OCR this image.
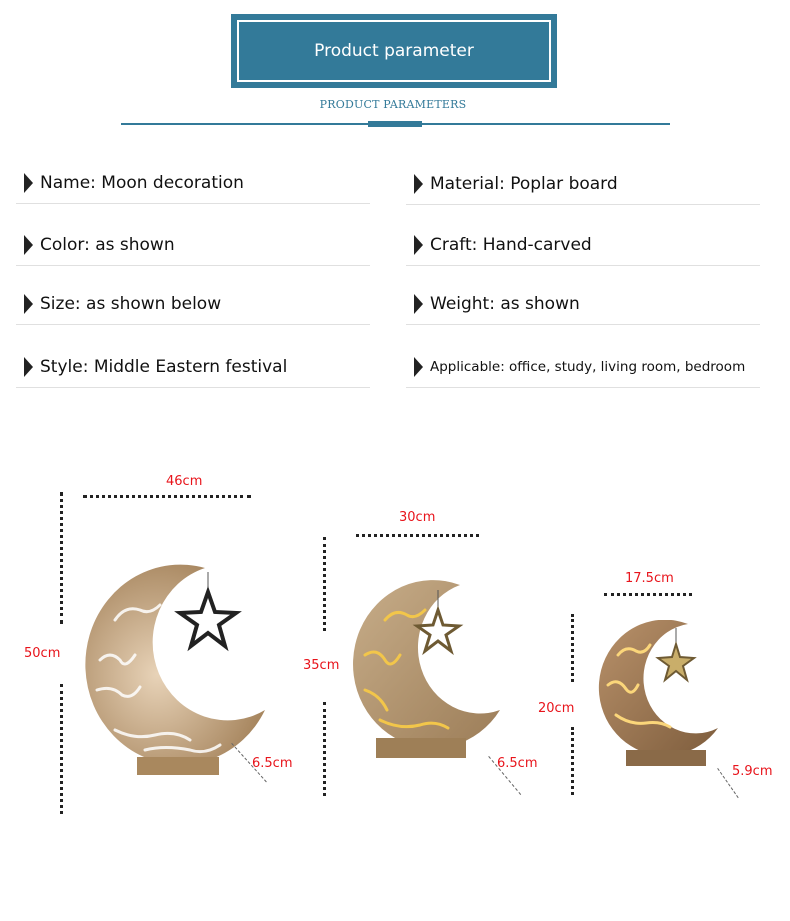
Product parameter
PRODUCT PARAMETERS
Name: Moon decoration
Color: as shown
Size: as shown below
Style: Middle Eastern festival
Material: Poplar board
Craft: Hand-carved
Weight: as shown
Applicable: office, study, living room, bedroom
46cm
50cm
6.5cm
30cm
35cm
6.5cm
17.5cm
20cm
5.9cm
